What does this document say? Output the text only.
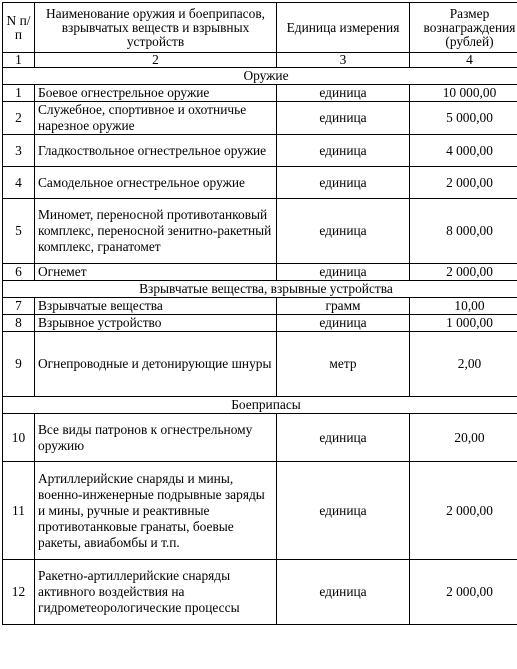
N п/п	Наименование оружия и боеприпасов, взрывчатых веществ и взрывных устройств	Единица измерения	Размер вознаграждения (рублей)
1	2	3	4
Оружие			
1	Боевое огнестрельное оружие	единица	10 000,00
2	Служебное, спортивное и охотничье нарезное оружие	единица	5 000,00
3	Гладкоствольное огнестрельное оружие	единица	4 000,00
4	Самодельное огнестрельное оружие	единица	2 000,00
5	Миномет, переносной противотанковый комплекс, переносной зенитно-ракетный комплекс, гранатомет	единица	8 000,00
6	Огнемет	единица	2 000,00
Взрывчатые вещества, взрывные устройства			
7	Взрывчатые вещества	грамм	10,00
8	Взрывное устройство	единица	1 000,00
9	Огнепроводные и детонирующие шнуры	метр	2,00
Боеприпасы			
10	Все виды патронов к огнестрельному оружию	единица	20,00
11	Артиллерийские снаряды и мины, военно-инженерные подрывные заряды и мины, ручные и реактивные противотанковые гранаты, боевые ракеты, авиабомбы и т.п.	единица	2 000,00
12	Ракетно-артиллерийские снаряды активного воздействия на гидрометеорологические процессы	единица	2 000,00
